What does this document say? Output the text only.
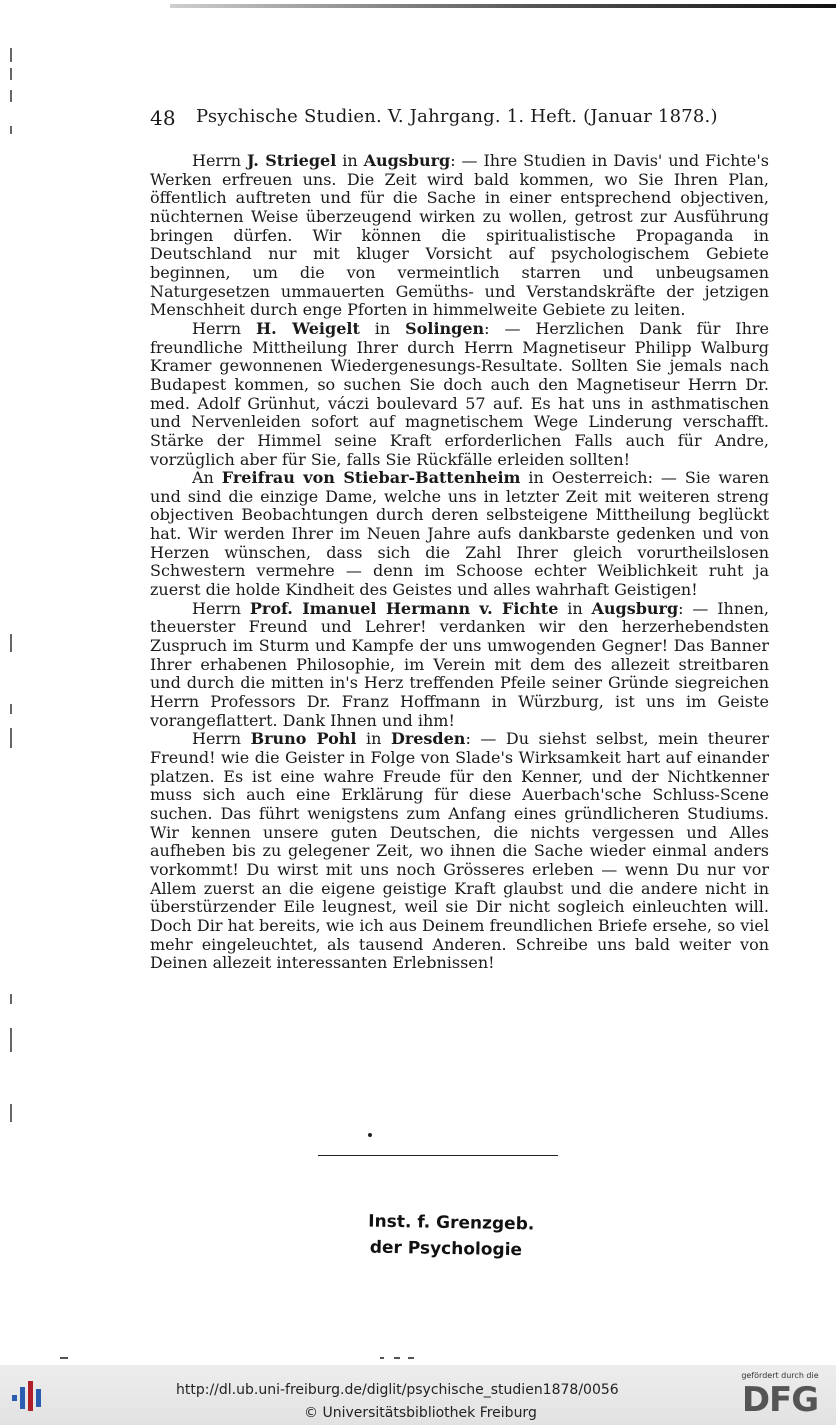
48 Psychische Studien. V. Jahrgang. 1. Heft. (Januar 1878.)

Herrn J. Striegel in Augsburg: — Ihre Studien in Davis' und Fichte's Werken erfreuen uns. Die Zeit wird bald kommen, wo Sie Ihren Plan, öffentlich auftreten und für die Sache in einer entsprechend objectiven, nüchternen Weise überzeugend wirken zu wollen, getrost zur Ausführung bringen dürfen. Wir können die spiritualistische Propaganda in Deutschland nur mit kluger Vorsicht auf psychologischem Gebiete beginnen, um die von vermeintlich starren und unbeugsamen Naturgesetzen ummauerten Gemüths- und Verstandskräfte der jetzigen Menschheit durch enge Pforten in himmelweite Gebiete zu leiten.

Herrn H. Weigelt in Solingen: — Herzlichen Dank für Ihre freundliche Mittheilung Ihrer durch Herrn Magnetiseur Philipp Walburg Kramer gewonnenen Wiedergenesungs-Resultate. Sollten Sie jemals nach Budapest kommen, so suchen Sie doch auch den Magnetiseur Herrn Dr. med. Adolf Grünhut, váczi boulevard 57 auf. Es hat uns in asthmatischen und Nervenleiden sofort auf magnetischem Wege Linderung verschafft. Stärke der Himmel seine Kraft erforderlichen Falls auch für Andre, vorzüglich aber für Sie, falls Sie Rückfälle erleiden sollten!

An Freifrau von Stiebar-Battenheim in Oesterreich: — Sie waren und sind die einzige Dame, welche uns in letzter Zeit mit weiteren streng objectiven Beobachtungen durch deren selbsteigene Mittheilung beglückt hat. Wir werden Ihrer im Neuen Jahre aufs dankbarste gedenken und von Herzen wünschen, dass sich die Zahl Ihrer gleich vorurtheilslosen Schwestern vermehre — denn im Schoose echter Weiblichkeit ruht ja zuerst die holde Kindheit des Geistes und alles wahrhaft Geistigen!

Herrn Prof. Imanuel Hermann v. Fichte in Augsburg: — Ihnen, theuerster Freund und Lehrer! verdanken wir den herzerhebendsten Zuspruch im Sturm und Kampfe der uns umwogenden Gegner! Das Banner Ihrer erhabenen Philosophie, im Verein mit dem des allezeit streitbaren und durch die mitten in's Herz treffenden Pfeile seiner Gründe siegreichen Herrn Professors Dr. Franz Hoffmann in Würzburg, ist uns im Geiste vorangeflattert. Dank Ihnen und ihm!

Herrn Bruno Pohl in Dresden: — Du siehst selbst, mein theurer Freund! wie die Geister in Folge von Slade's Wirksamkeit hart auf einander platzen. Es ist eine wahre Freude für den Kenner, und der Nichtkenner muss sich auch eine Erklärung für diese Auerbach'sche Schluss-Scene suchen. Das führt wenigstens zum Anfang eines gründlicheren Studiums. Wir kennen unsere guten Deutschen, die nichts vergessen und Alles aufheben bis zu gelegener Zeit, wo ihnen die Sache wieder einmal anders vorkommt! Du wirst mit uns noch Grösseres erleben — wenn Du nur vor Allem zuerst an die eigene geistige Kraft glaubst und die andere nicht in überstürzender Eile leugnest, weil sie Dir nicht sogleich einleuchten will. Doch Dir hat bereits, wie ich aus Deinem freundlichen Briefe ersehe, so viel mehr eingeleuchtet, als tausend Anderen. Schreibe uns bald weiter von Deinen allezeit interessanten Erlebnissen!

Inst. f. Grenzgeb.
der Psychologie
http://dl.ub.uni-freiburg.de/diglit/psychische_studien1878/0056
© Universitätsbibliothek Freiburg
gefördert durch die
DFG
